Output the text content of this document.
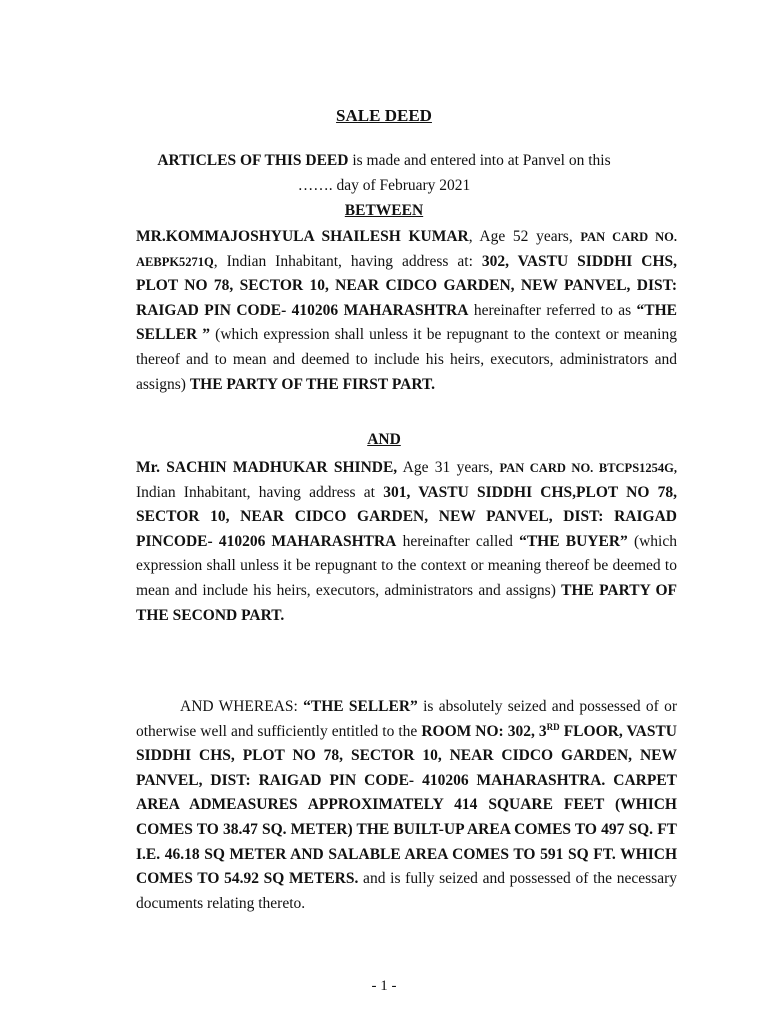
SALE DEED
ARTICLES OF THIS DEED is made and entered into at Panvel on this
……. day of February 2021
BETWEEN

MR.KOMMAJOSHYULA SHAILESH KUMAR, Age 52 years, PAN CARD NO. AEBPK5271Q, Indian Inhabitant, having address at: 302, VASTU SIDDHI CHS, PLOT NO 78, SECTOR 10, NEAR CIDCO GARDEN, NEW PANVEL, DIST: RAIGAD PIN CODE- 410206 MAHARASHTRA hereinafter referred to as “THE SELLER ” (which expression shall unless it be repugnant to the context or meaning thereof and to mean and deemed to include his heirs, executors, administrators and assigns) THE PARTY OF THE FIRST PART.

AND

Mr. SACHIN MADHUKAR SHINDE, Age 31 years, PAN CARD NO. BTCPS1254G, Indian Inhabitant, having address at 301, VASTU SIDDHI CHS,PLOT NO 78, SECTOR 10, NEAR CIDCO GARDEN, NEW PANVEL, DIST: RAIGAD PINCODE- 410206 MAHARASHTRA hereinafter called “THE BUYER” (which expression shall unless it be repugnant to the context or meaning thereof be deemed to mean and include his heirs, executors, administrators and assigns) THE PARTY OF THE SECOND PART.

AND WHEREAS: “THE SELLER” is absolutely seized and possessed of or otherwise well and sufficiently entitled to the ROOM NO: 302, 3RD FLOOR, VASTU SIDDHI CHS, PLOT NO 78, SECTOR 10, NEAR CIDCO GARDEN, NEW PANVEL, DIST: RAIGAD PIN CODE- 410206 MAHARASHTRA. CARPET AREA ADMEASURES APPROXIMATELY 414 SQUARE FEET (WHICH COMES TO 38.47 SQ. METER) THE BUILT-UP AREA COMES TO 497 SQ. FT I.E. 46.18 SQ METER AND SALABLE AREA COMES TO 591 SQ FT. WHICH COMES TO 54.92 SQ METERS. and is fully seized and possessed of the necessary documents relating thereto.

- 1 -
